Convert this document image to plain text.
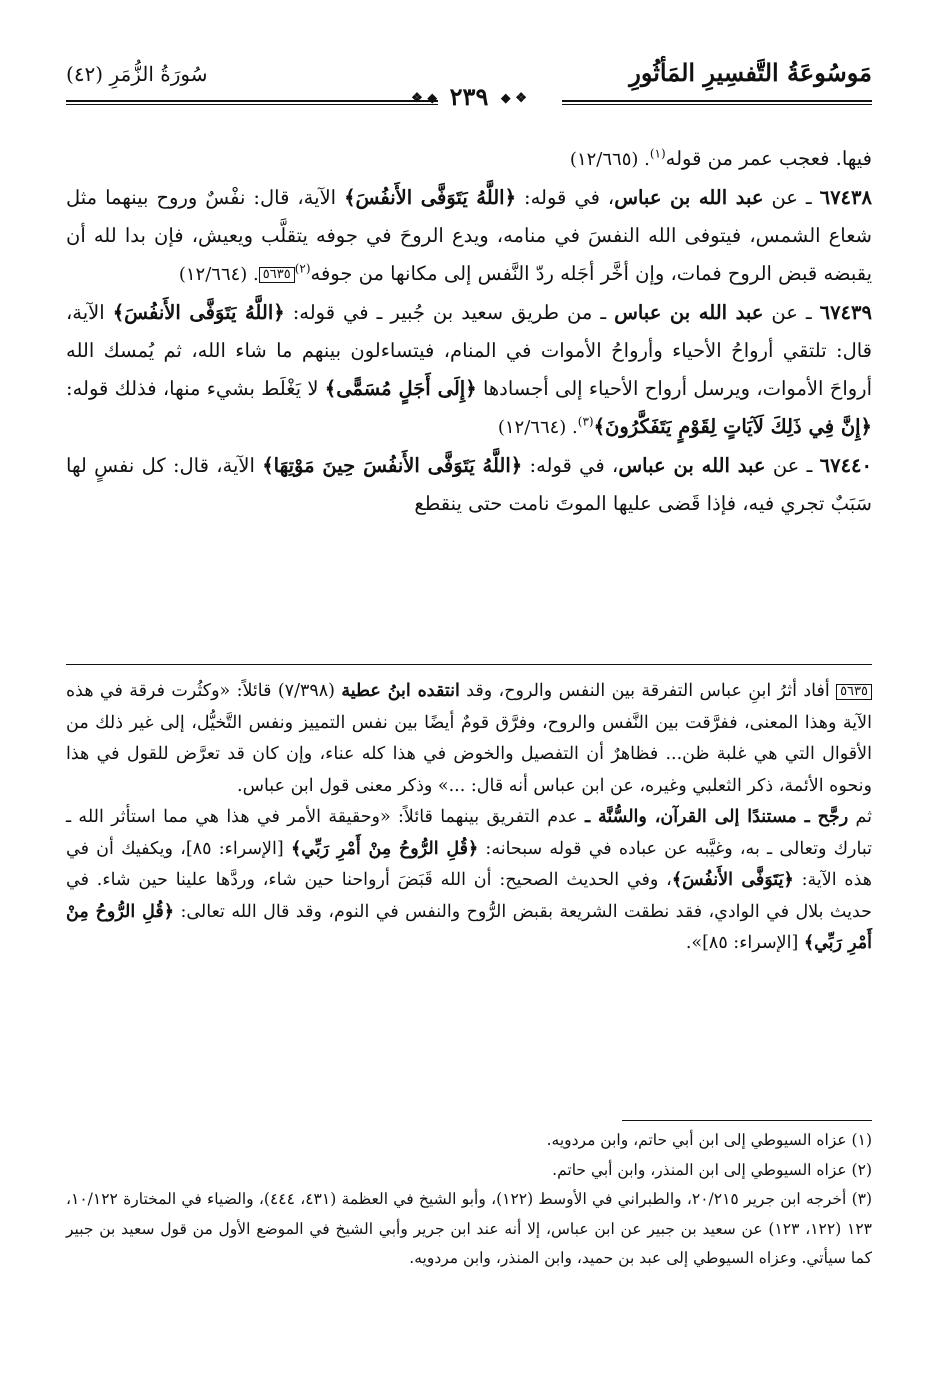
مَوسُوعَةُ التَّفسِيرِ المَأثُورِ
سُورَةُ الزُّمَرِ (٤٢)
❖ ◆ ٢٣٩ ◆ ❖

فيها. فعجب عمر من قوله$^{(١)}$. (١٢/٦٦٥)

٦٧٤٣٨ ـ عن عبد الله بن عباس، في قوله: ﴿اللَّهُ يَتَوَفَّى الأَنفُسَ﴾ الآية، قال: نفْسٌ وروح بينهما مثل شعاع الشمس، فيتوفى الله النفسَ في منامه، ويدع الروحَ في جوفه يتقلَّب ويعيش، فإن بدا لله أن يقبضه قبض الروح فمات، وإن أخَّر أجَله ردّ النَّفس إلى مكانها من جوفه$^{(٢)}$٥٦٣٥. (١٢/٦٦٤)

٦٧٤٣٩ ـ عن عبد الله بن عباس ـ من طريق سعيد بن جُبير ـ في قوله: ﴿اللَّهُ يَتَوَفَّى الأَنفُسَ﴾ الآية، قال: تلتقي أرواحُ الأحياء وأرواحُ الأموات في المنام، فيتساءلون بينهم ما شاء الله، ثم يُمسك الله أرواحَ الأموات، ويرسل أرواح الأحياء إلى أجسادها ﴿إِلَى أَجَلٍ مُسَمًّى﴾ لا يَغْلَط بشيء منها، فذلك قوله: ﴿إِنَّ فِي ذَلِكَ لَآيَاتٍ لِقَوْمٍ يَتَفَكَّرُونَ﴾$^{(٣)}$. (١٢/٦٦٤)

٦٧٤٤٠ ـ عن عبد الله بن عباس، في قوله: ﴿اللَّهُ يَتَوَفَّى الأَنفُسَ حِينَ مَوْتِهَا﴾ الآية، قال: كل نفسٍ لها سَبَبٌ تجري فيه، فإذا قَضى عليها الموتَ نامت حتى ينقطع

٥٦٣٥ أفاد أثرُ ابنِ عباس التفرقة بين النفس والروح، وقد انتقده ابنُ عطية (٧/٣٩٨) قائلاً: «وكثُرت فرقة في هذه الآية وهذا المعنى، ففرَّقت بين النَّفس والروح، وفرَّق قومٌ أيضًا بين نفس التمييز ونفس التَّخيُّل، إلى غير ذلك من الأقوال التي هي غلبة ظن... فظاهرٌ أن التفصيل والخوض في هذا كله عناء، وإن كان قد تعرَّض للقول في هذا ونحوه الأئمة، ذكر الثعلبي وغيره، عن ابن عباس أنه قال: ...» وذكر معنى قول ابن عباس.

ثم رجَّح ـ مستندًا إلى القرآن، والسُّنَّة ـ عدم التفريق بينهما قائلاً: «وحقيقة الأمر في هذا هي مما استأثر الله ـ تبارك وتعالى ـ به، وغيَّبه عن عباده في قوله سبحانه: ﴿قُلِ الرُّوحُ مِنْ أَمْرِ رَبِّي﴾ [الإسراء: ٨٥]، ويكفيك أن في هذه الآية: ﴿يَتَوَفَّى الأَنفُسَ﴾، وفي الحديث الصحيح: أن الله قَبَضَ أرواحنا حين شاء، وردَّها علينا حين شاء. في حديث بلال في الوادي، فقد نطقت الشريعة بقبض الرُّوح والنفس في النوم، وقد قال الله تعالى: ﴿قُلِ الرُّوحُ مِنْ أَمْرِ رَبِّي﴾ [الإسراء: ٨٥]».

(١) عزاه السيوطي إلى ابن أبي حاتم، وابن مردويه.

(٢) عزاه السيوطي إلى ابن المنذر، وابن أبي حاتم.

(٣) أخرجه ابن جرير ٢٠/٢١٥، والطبراني في الأوسط (١٢٢)، وأبو الشيخ في العظمة (٤٣١، ٤٤٤)، والضياء في المختارة ١٠/١٢٢، ١٢٣ (١٢٢، ١٢٣) عن سعيد بن جبير عن ابن عباس، إلا أنه عند ابن جرير وأبي الشيخ في الموضع الأول من قول سعيد بن جبير كما سيأتي. وعزاه السيوطي إلى عبد بن حميد، وابن المنذر، وابن مردويه.
